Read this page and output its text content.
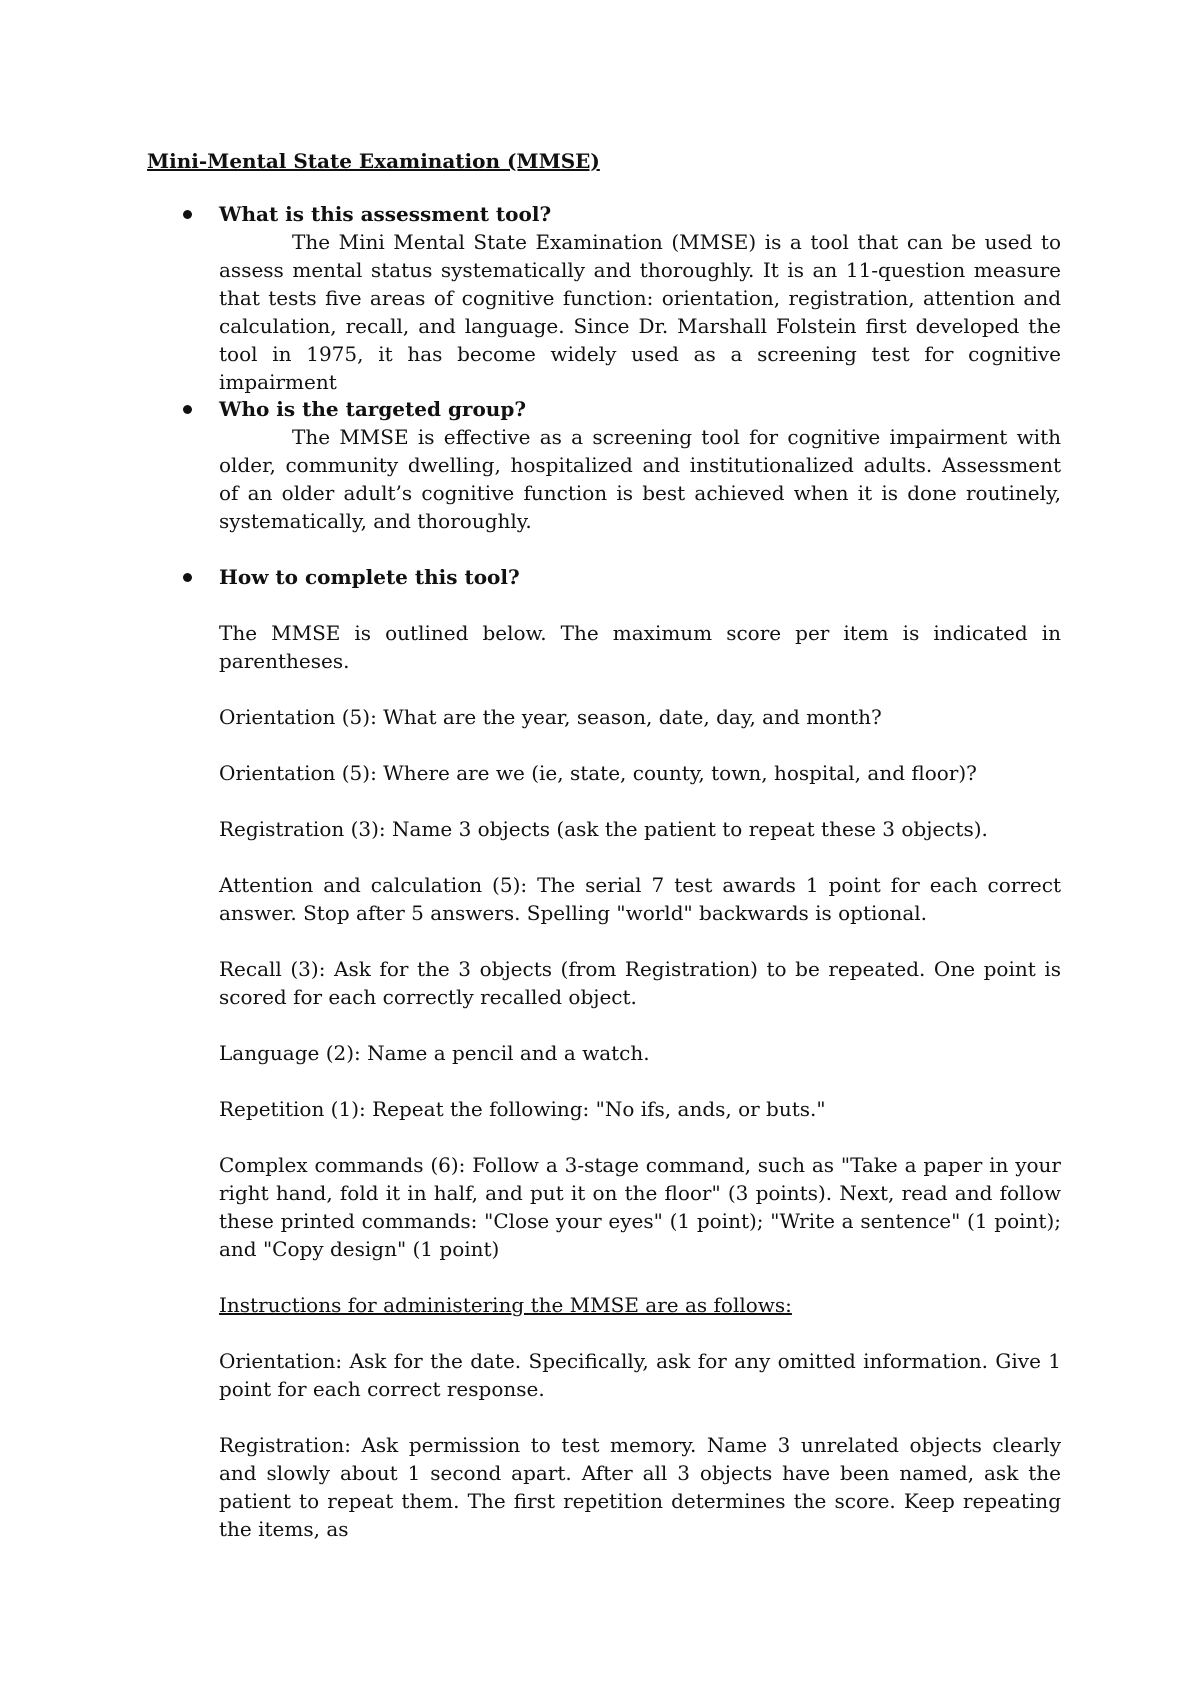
Mini-Mental State Examination (MMSE)

What is this assessment tool?

The Mini Mental State Examination (MMSE) is a tool that can be used to assess mental status systematically and thoroughly. It is an 11-question measure that tests five areas of cognitive function: orientation, registration, attention and calculation, recall, and language. Since Dr. Marshall Folstein first developed the tool in 1975, it has become widely used as a screening test for cognitive impairment

Who is the targeted group?

The MMSE is effective as a screening tool for cognitive impairment with older, community dwelling, hospitalized and institutionalized adults. Assessment of an older adult’s cognitive function is best achieved when it is done routinely, systematically, and thoroughly.

How to complete this tool?

The MMSE is outlined below. The maximum score per item is indicated in parentheses.

Orientation (5): What are the year, season, date, day, and month?

Orientation (5): Where are we (ie, state, county, town, hospital, and floor)?

Registration (3): Name 3 objects (ask the patient to repeat these 3 objects).

Attention and calculation (5): The serial 7 test awards 1 point for each correct answer. Stop after 5 answers. Spelling "world" backwards is optional.

Recall (3): Ask for the 3 objects (from Registration) to be repeated. One point is scored for each correctly recalled object.

Language (2): Name a pencil and a watch.

Repetition (1): Repeat the following: "No ifs, ands, or buts."

Complex commands (6): Follow a 3-stage command, such as "Take a paper in your right hand, fold it in half, and put it on the floor" (3 points). Next, read and follow these printed commands: "Close your eyes" (1 point); "Write a sentence" (1 point); and "Copy design" (1 point)

Instructions for administering the MMSE are as follows:

Orientation: Ask for the date. Specifically, ask for any omitted information. Give 1 point for each correct response.

Registration: Ask permission to test memory. Name 3 unrelated objects clearly and slowly about 1 second apart. After all 3 objects have been named, ask the patient to repeat them. The first repetition determines the score. Keep repeating the items, as
